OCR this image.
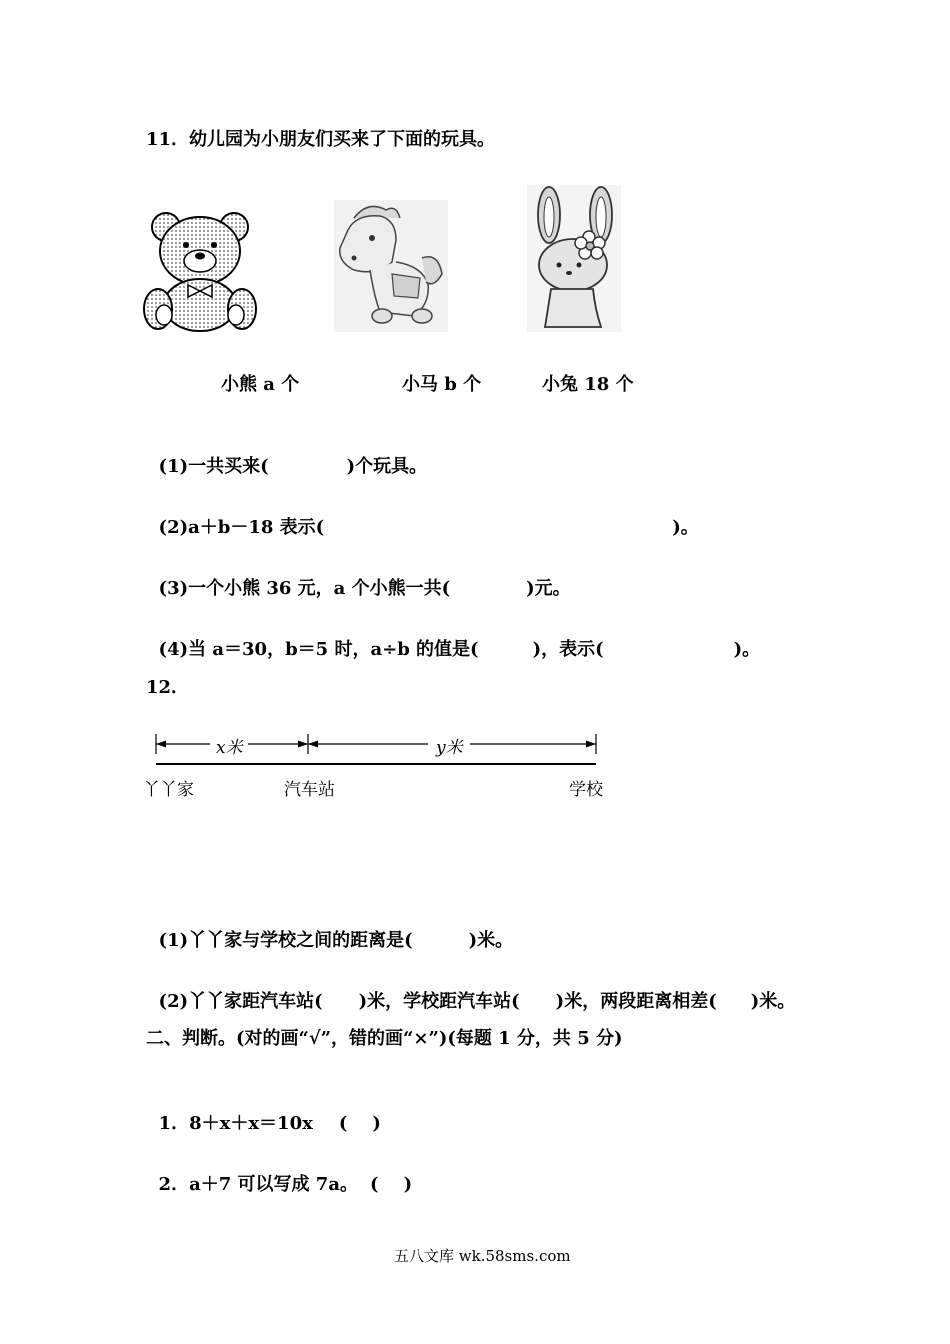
11．幼儿园为小朋友们买来了下面的玩具。
小熊 a 个	小马 b 个	小兔 18 个

(1)一共买来(	)个玩具。

(2)a＋b－18 表示(	)。

(3)一个小熊 36 元，a 个小熊一共(	)元。

(4)当 a＝30，b＝5 时，a÷b 的值是(	)，表示(	)。

12．
x米	y米
丫丫家	汽车站	学校

(1)丫丫家与学校之间的距离是(	)米。

(2)丫丫家距汽车站( )米，学校距汽车站( )米，两段距离相差( )米。

二、判断。(对的画“√”，错的画“×”)(每题 1 分，共 5 分)

1．8＋x＋x＝10x (    )

2．a＋7 可以写成 7a。 (    )

五八文库 wk.58sms.com
